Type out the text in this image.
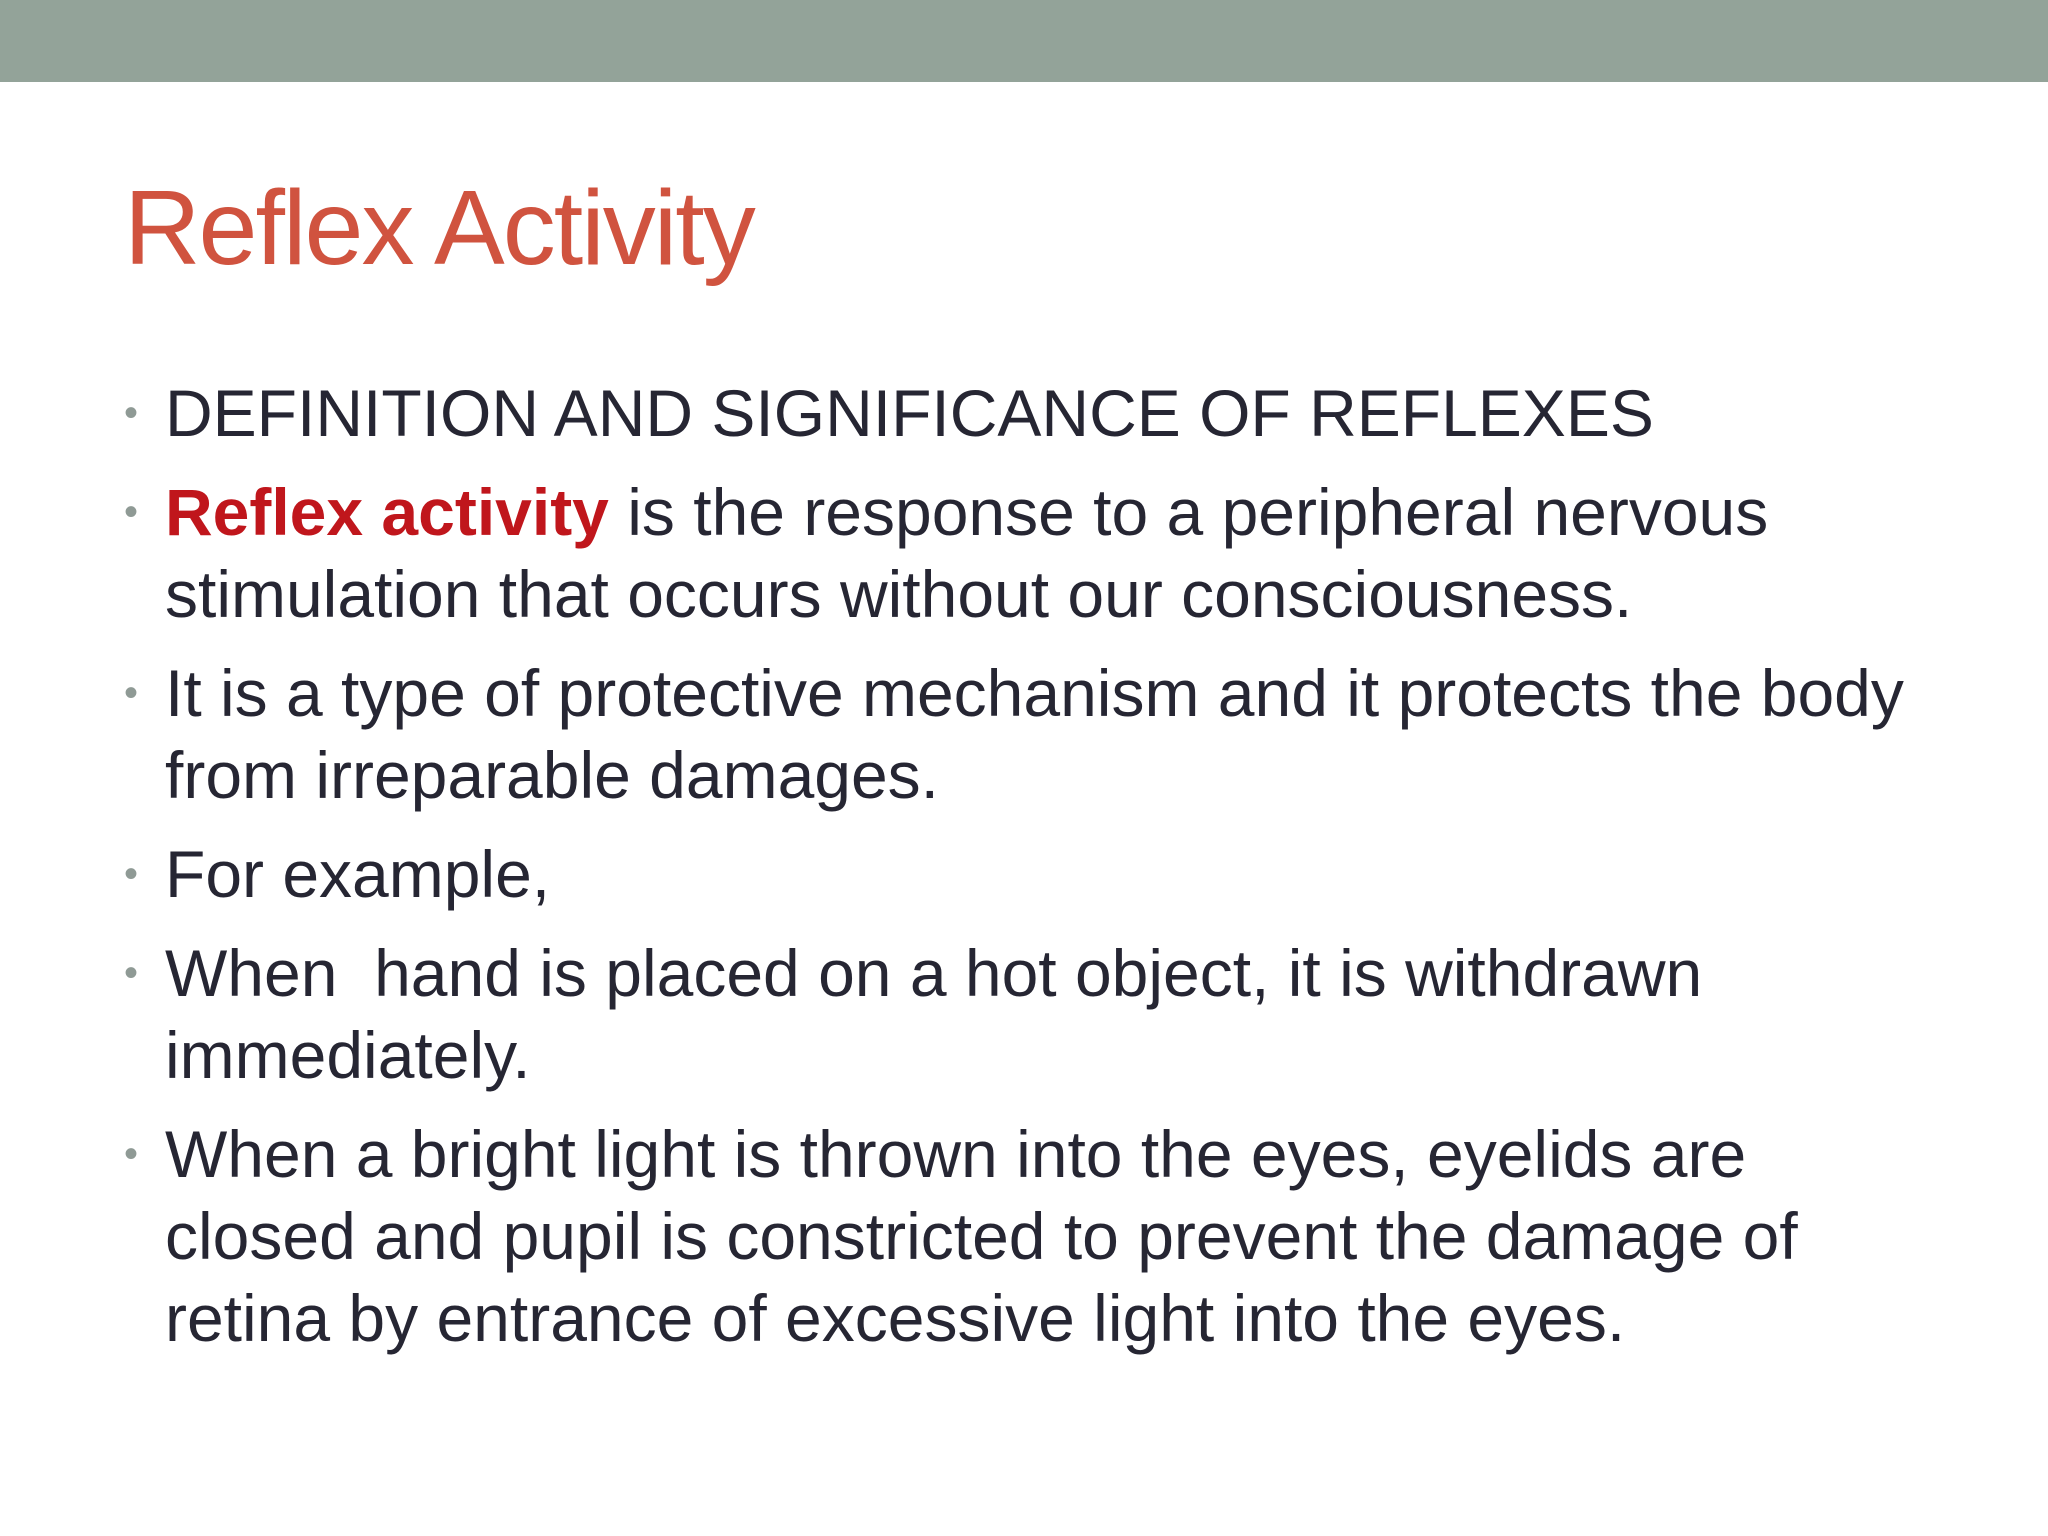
Reflex Activity
• DEFINITION AND SIGNIFICANCE OF REFLEXES
• Reflex activity is the response to a peripheral nervous stimulation that occurs without our consciousness.
• It is a type of protective mechanism and it protects the body from irreparable damages.
• For example,
• When  hand is placed on a hot object, it is withdrawn immediately.
• When a bright light is thrown into the eyes, eyelids are closed and pupil is constricted to prevent the damage of retina by entrance of excessive light into the eyes.
